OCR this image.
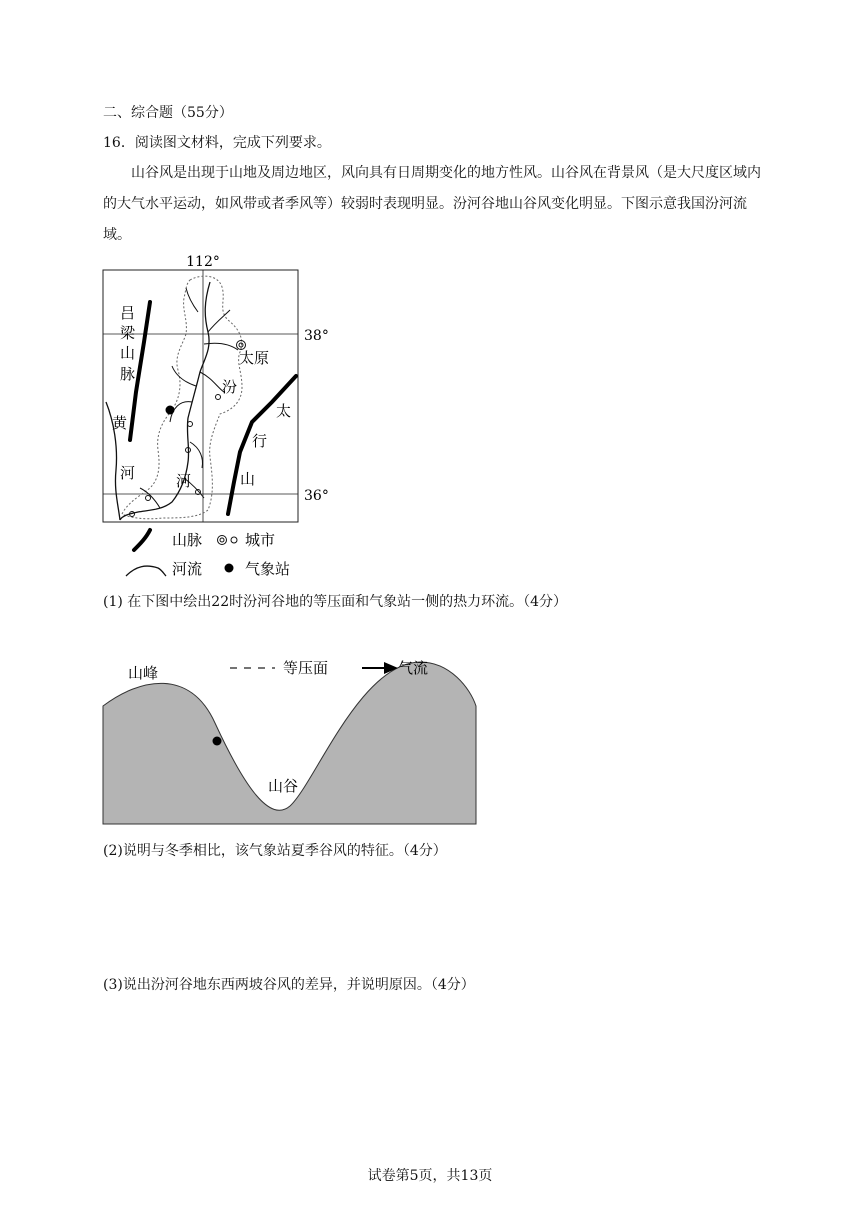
二、综合题（55分）
16．阅读图文材料，完成下列要求。
山谷风是出现于山地及周边地区，风向具有日周期变化的地方性风。山谷风在背景风（是大尺度区域内的大气水平运动，如风带或者季风等）较弱时表现明显。汾河谷地山谷风变化明显。下图示意我国汾河流域。
112°
38°
36°
吕
梁
山
脉
太原
汾
黄
河	河
太
行
山
山脉	城市
河流	气象站
(1) 在下图中绘出22时汾河谷地的等压面和气象站一侧的热力环流。（4分）
山峰
山谷
等压面	气流
(2)说明与冬季相比，该气象站夏季谷风的特征。（4分）
(3)说出汾河谷地东西两坡谷风的差异，并说明原因。（4分）
试卷第5页，共13页
